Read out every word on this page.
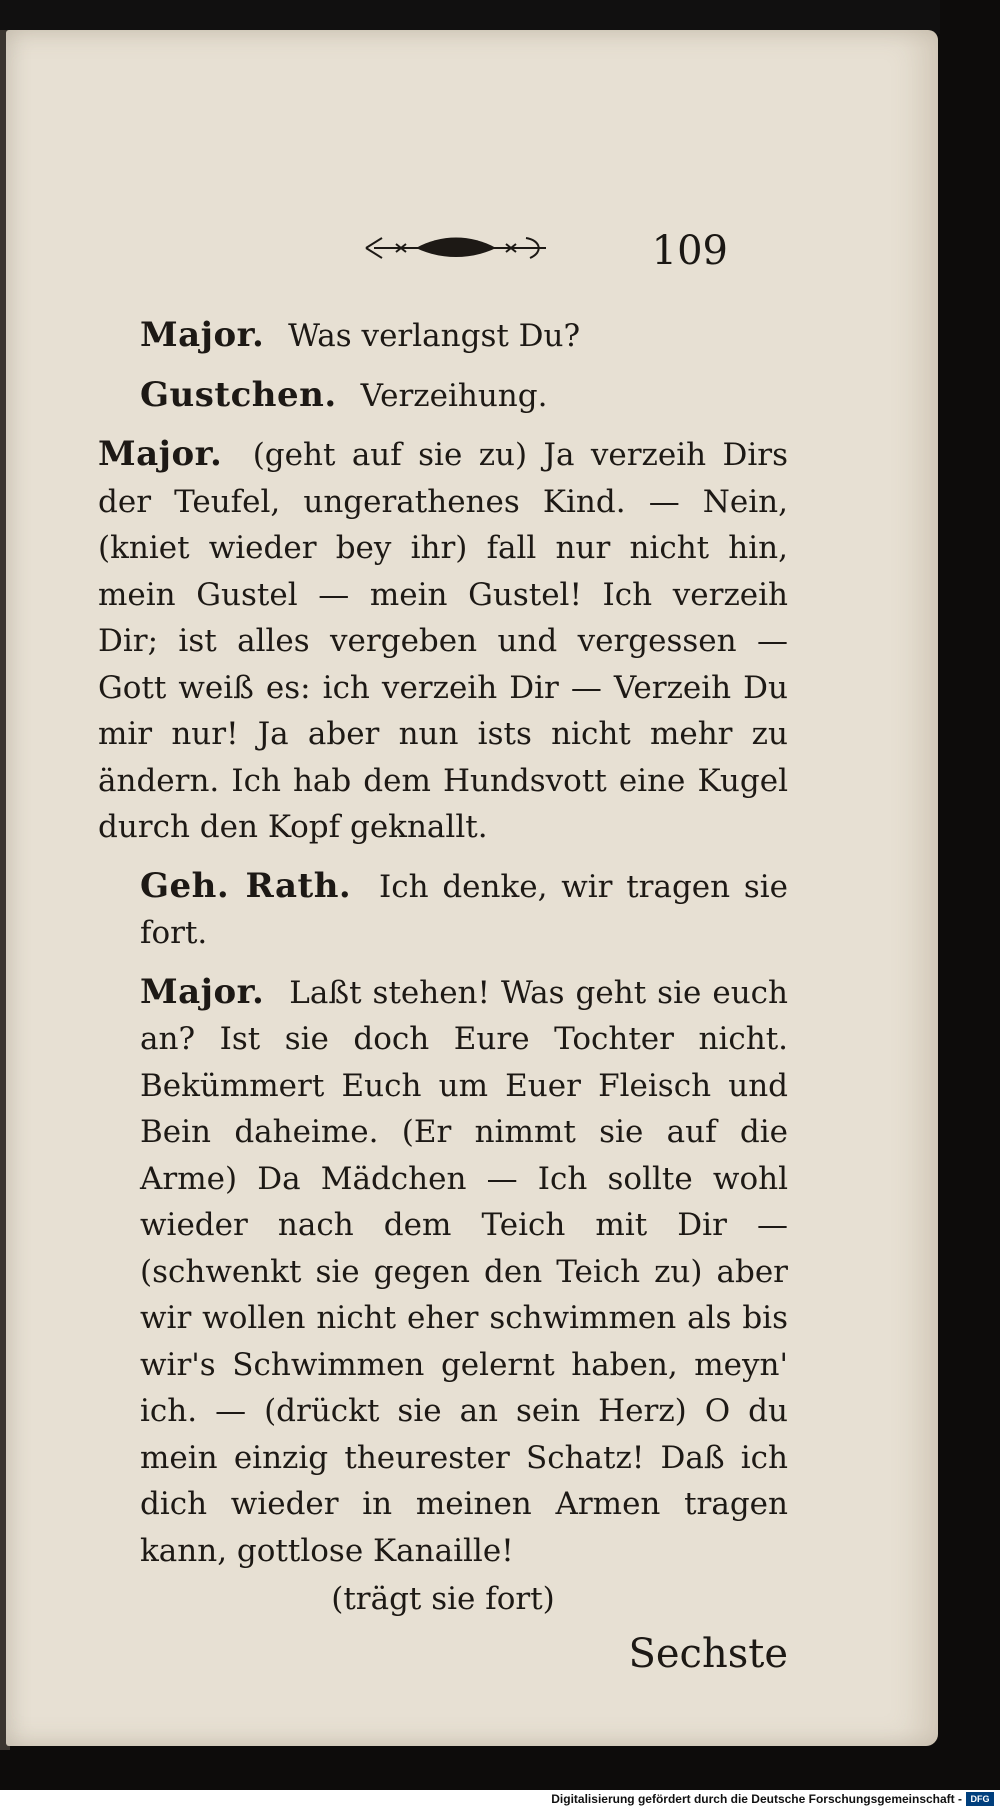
109

Major. Was verlangst Du?

Gustchen. Verzeihung.

Major. (geht auf sie zu) Ja verzeih Dirs der Teufel, ungerathenes Kind. — Nein, (kniet wieder bey ihr) fall nur nicht hin, mein Gustel — mein Gustel! Ich verzeih Dir; ist alles vergeben und vergessen — Gott weiß es: ich verzeih Dir — Verzeih Du mir nur! Ja aber nun ists nicht mehr zu ändern. Ich hab dem Hundsvott eine Kugel durch den Kopf geknallt.

Geh. Rath. Ich denke, wir tragen sie fort.

Major. Laßt stehen! Was geht sie euch an? Ist sie doch Eure Tochter nicht. Bekümmert Euch um Euer Fleisch und Bein daheime. (Er nimmt sie auf die Arme) Da Mädchen — Ich sollte wohl wieder nach dem Teich mit Dir — (schwenkt sie gegen den Teich zu) aber wir wollen nicht eher schwimmen als bis wir's Schwimmen gelernt haben, meyn' ich. — (drückt sie an sein Herz) O du mein einzig theurester Schatz! Daß ich dich wieder in meinen Armen tragen kann, gottlose Kanaille!

(trägt sie fort)

Sechste
Digitalisierung gefördert durch die Deutsche Forschungsgemeinschaft - DFG
